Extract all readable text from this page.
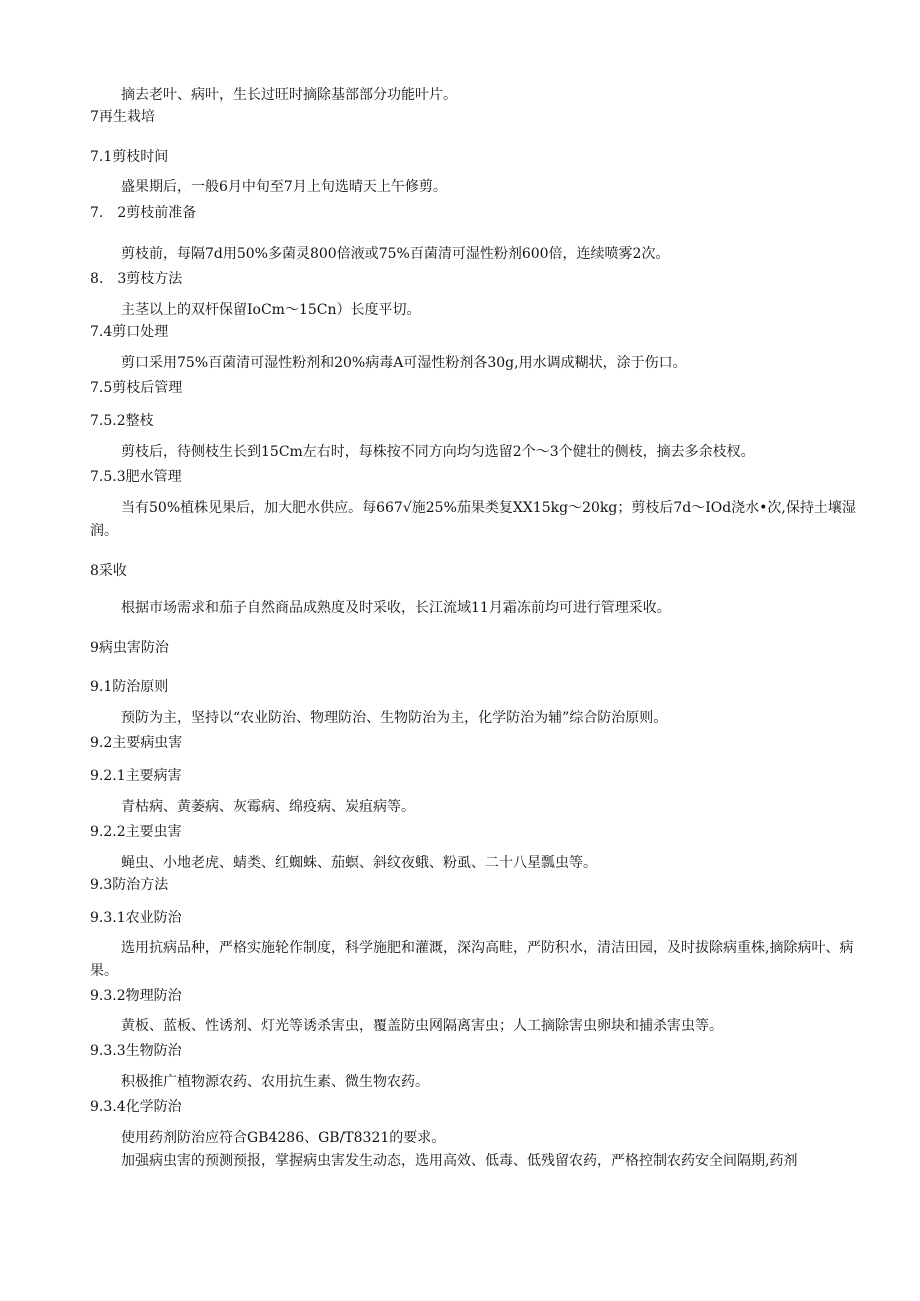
摘去老叶、病叶，生长过旺时摘除基部部分功能叶片。

7再生栽培

7.1剪枝时间

盛果期后，一般6月中旬至7月上旬选晴天上午修剪。

7.　2剪枝前准备

剪枝前，每隔7d用50%多菌灵800倍液或75%百菌清可湿性粉剂600倍，连续喷雾2次。

8.　3剪枝方法

主茎以上的双杆保留IoCm～15Cn）长度平切。

7.4剪口处理

剪口采用75%百菌清可湿性粉剂和20%病毒A可湿性粉剂各30g,用水调成糊状，涂于伤口。

7.5剪枝后管理

7.5.2整枝

剪枝后，待侧枝生长到15Cm左右时，每株按不同方向均匀选留2个～3个健壮的侧枝，摘去多余枝杈。

7.5.3肥水管理

当有50%植株见果后，加大肥水供应。每667√施25%茄果类复XX15kg～20kg；剪枝后7d～IOd浇水•次,保持土壤湿润。

8采收

根据市场需求和茄子自然商品成熟度及时采收，长江流域11月霜冻前均可进行管理采收。

9病虫害防治

9.1防治原则

预防为主，坚持以“农业防治、物理防治、生物防治为主，化学防治为辅”综合防治原则。

9.2主要病虫害

9.2.1主要病害

青枯病、黄萎病、灰霉病、绵疫病、炭疽病等。

9.2.2主要虫害

蝇虫、小地老虎、蜻类、红蜘蛛、茄螟、斜纹夜蛾、粉虱、二十八星瓢虫等。

9.3防治方法

9.3.1农业防治

选用抗病品种，严格实施轮作制度，科学施肥和灌溉，深沟高畦，严防积水，清洁田园，及时拔除病重株,摘除病叶、病果。

9.3.2物理防治

黄板、蓝板、性诱剂、灯光等诱杀害虫，覆盖防虫网隔离害虫；人工摘除害虫卵块和捕杀害虫等。

9.3.3生物防治

积极推广植物源农药、农用抗生素、微生物农药。

9.3.4化学防治

使用药剂防治应符合GB4286、GB/T8321的要求。

加强病虫害的预测预报，掌握病虫害发生动态，选用高效、低毒、低残留农药，严格控制农药安全间隔期,药剂
